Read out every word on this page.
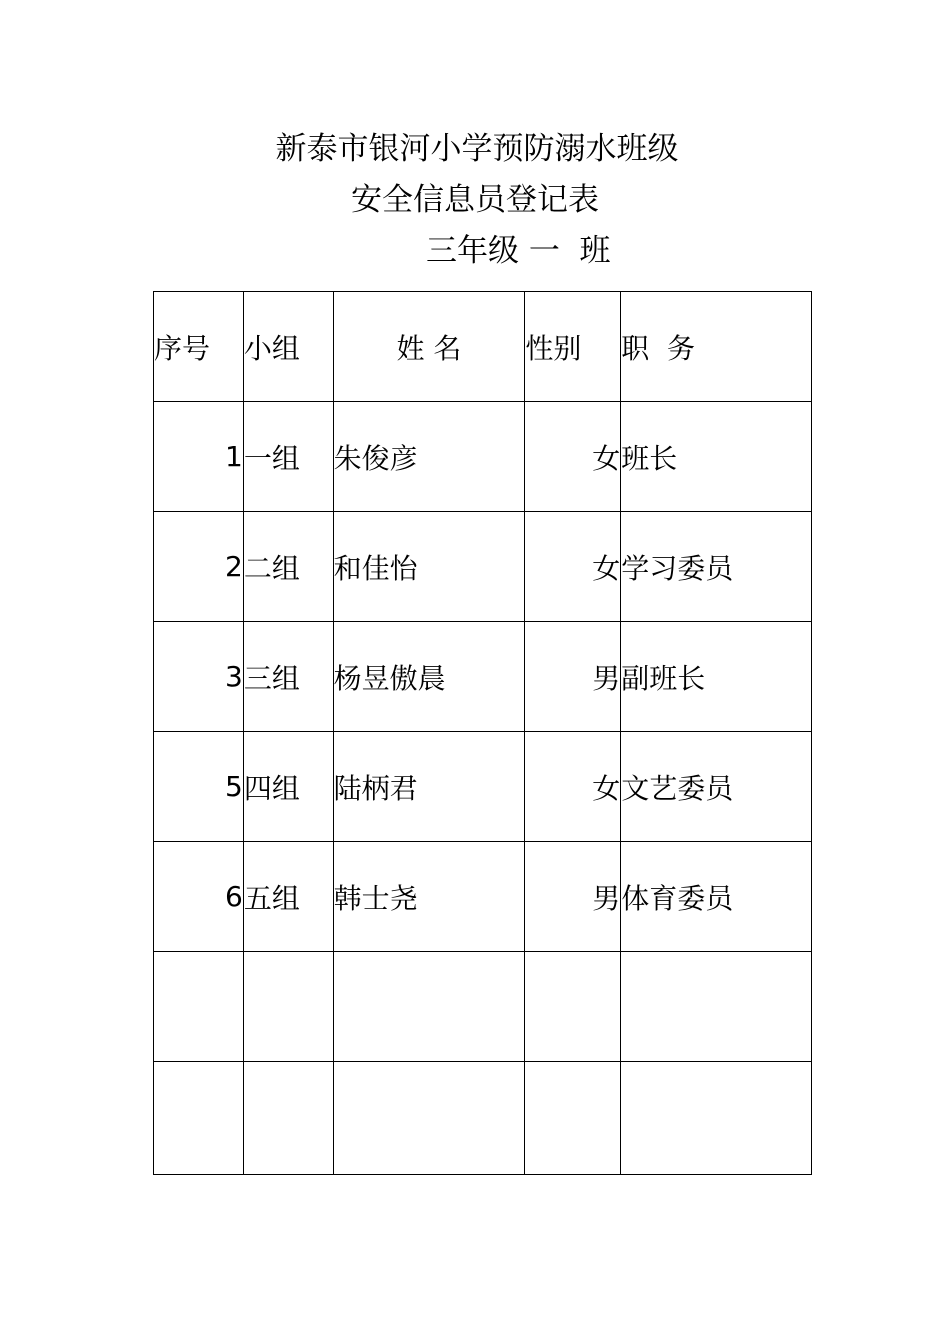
新泰市银河小学预防溺水班级
安全信息员登记表
三年级 一  班
序号	小组	姓 名	性别	职  务
1	一组	朱俊彦	女	班长
2	二组	和佳怡	女	学习委员
3	三组	杨昱傲晨	男	副班长
5	四组	陆柄君	女	文艺委员
6	五组	韩士尧	男	体育委员
